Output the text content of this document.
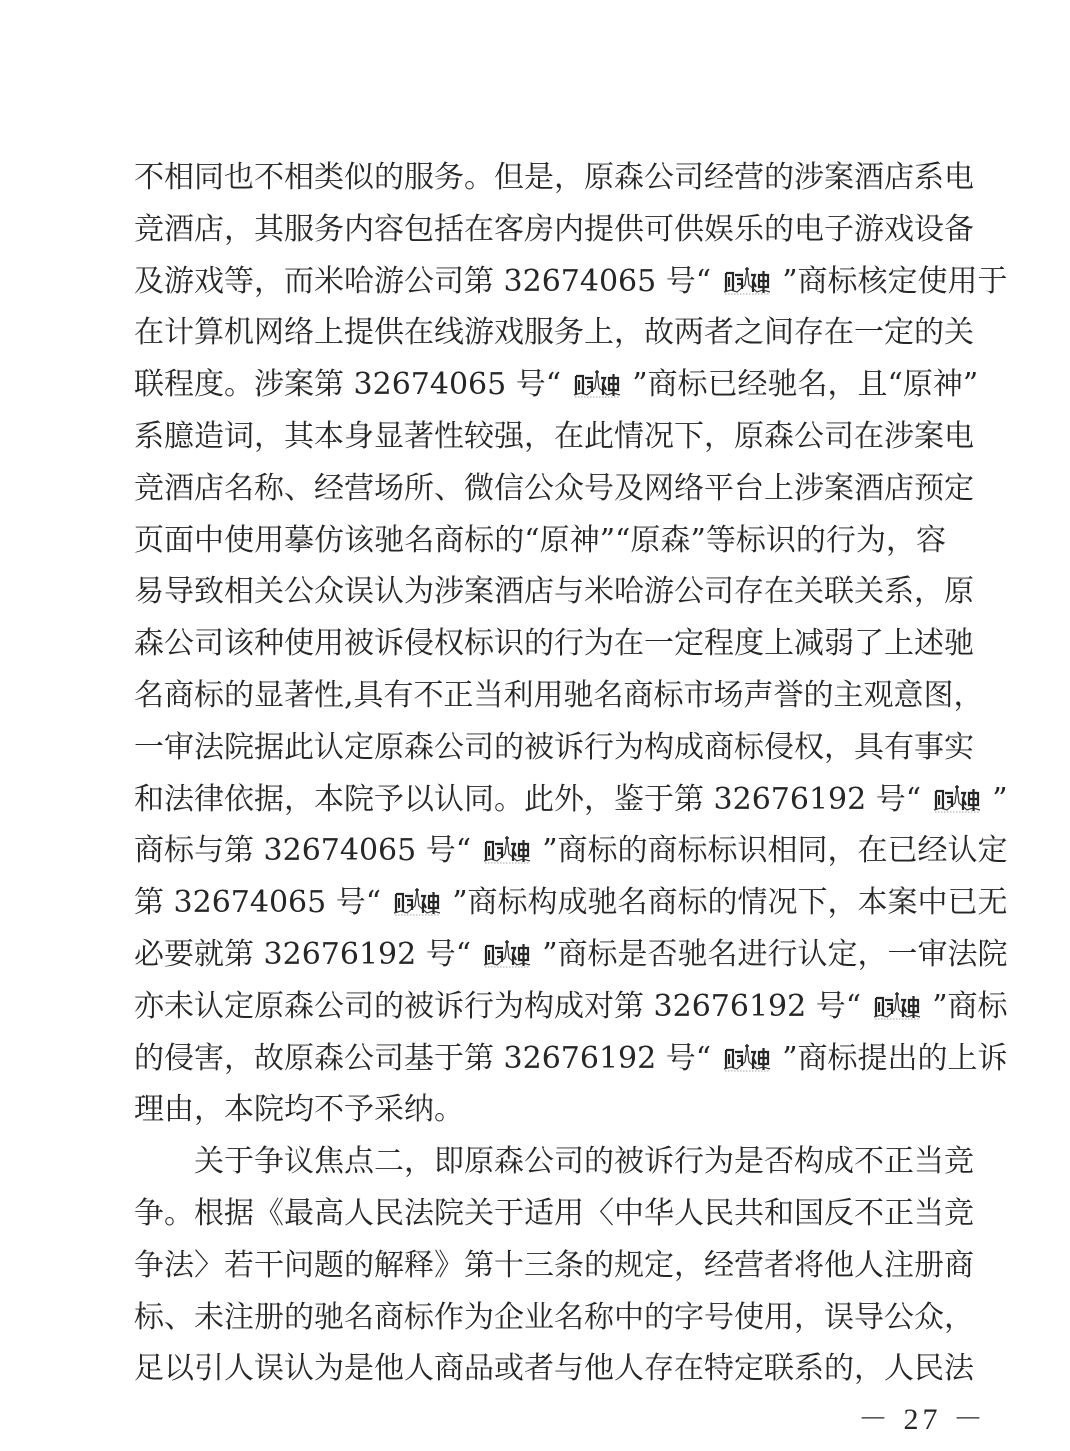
不相同也不相类似的服务。但是，原森公司经营的涉案酒店系电
竞酒店，其服务内容包括在客房内提供可供娱乐的电子游戏设备
及游戏等，而米哈游公司第 32674065 号“ ”商标核定使用于
在计算机网络上提供在线游戏服务上，故两者之间存在一定的关
联程度。涉案第 32674065 号“ ”商标已经驰名，且“原神”
系臆造词，其本身显著性较强，在此情况下，原森公司在涉案电
竞酒店名称、经营场所、微信公众号及网络平台上涉案酒店预定
页面中使用摹仿该驰名商标的“原神”“原森”等标识的行为，容
易导致相关公众误认为涉案酒店与米哈游公司存在关联关系，原
森公司该种使用被诉侵权标识的行为在一定程度上减弱了上述驰
名商标的显著性,具有不正当利用驰名商标市场声誉的主观意图，
一审法院据此认定原森公司的被诉行为构成商标侵权，具有事实
和法律依据，本院予以认同。此外，鉴于第 32676192 号“ ”
商标与第 32674065 号“ ”商标的商标标识相同，在已经认定
第 32674065 号“ ”商标构成驰名商标的情况下，本案中已无
必要就第 32676192 号“ ”商标是否驰名进行认定，一审法院
亦未认定原森公司的被诉行为构成对第 32676192 号“ ”商标
的侵害，故原森公司基于第 32676192 号“ ”商标提出的上诉
理由，本院均不予采纳。
关于争议焦点二，即原森公司的被诉行为是否构成不正当竞
争。根据《最高人民法院关于适用〈中华人民共和国反不正当竞
争法〉若干问题的解释》第十三条的规定，经营者将他人注册商
标、未注册的驰名商标作为企业名称中的字号使用，误导公众，
足以引人误认为是他人商品或者与他人存在特定联系的，人民法
－ 27 －
